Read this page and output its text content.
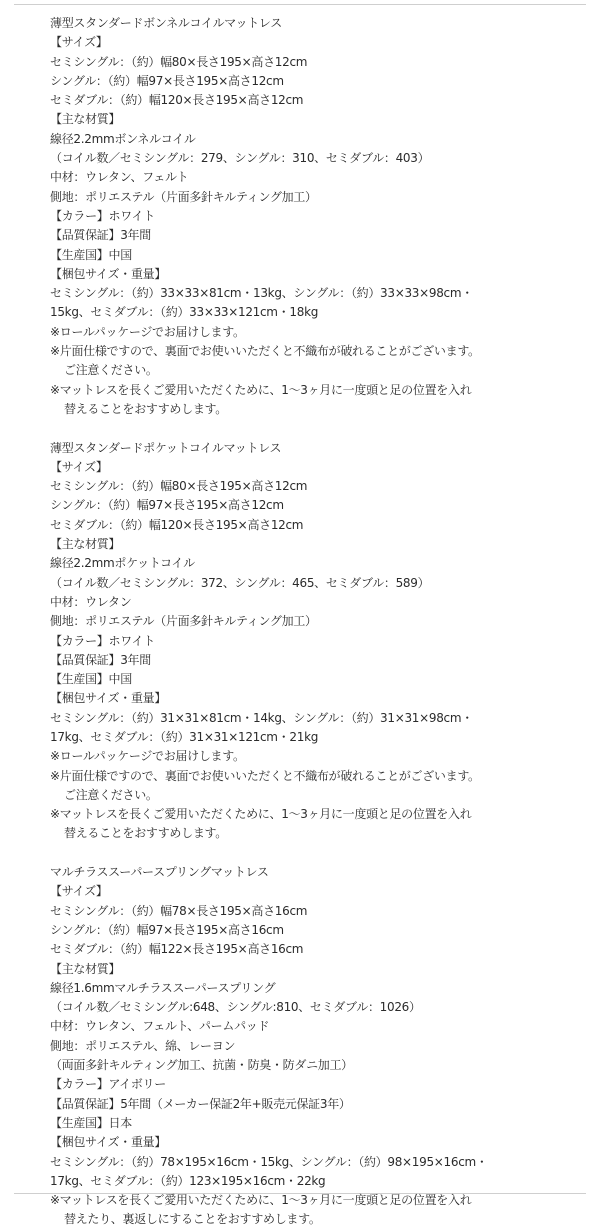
薄型スタンダードボンネルコイルマットレス
【サイズ】
セミシングル：（約）幅80×長さ195×高さ12cm
シングル：（約）幅97×長さ195×高さ12cm
セミダブル：（約）幅120×長さ195×高さ12cm
【主な材質】
線径2.2mmボンネルコイル
（コイル数／セミシングル：279、シングル：310、セミダブル：403）
中材：ウレタン、フェルト
側地：ポリエステル（片面多針キルティング加工）
【カラー】ホワイト
【品質保証】3年間
【生産国】中国
【梱包サイズ・重量】
セミシングル：（約）33×33×81cm・13kg、シングル：（約）33×33×98cm・
15kg、セミダブル：（約）33×33×121cm・18kg
※ロールパッケージでお届けします。
※片面仕様ですので、裏面でお使いいただくと不織布が破れることがございます。
ご注意ください。
※マットレスを長くご愛用いただくために、1〜3ヶ月に一度頭と足の位置を入れ
替えることをおすすめします。
薄型スタンダードポケットコイルマットレス
【サイズ】
セミシングル：（約）幅80×長さ195×高さ12cm
シングル：（約）幅97×長さ195×高さ12cm
セミダブル：（約）幅120×長さ195×高さ12cm
【主な材質】
線径2.2mmポケットコイル
（コイル数／セミシングル：372、シングル：465、セミダブル：589）
中材：ウレタン
側地：ポリエステル（片面多針キルティング加工）
【カラー】ホワイト
【品質保証】3年間
【生産国】中国
【梱包サイズ・重量】
セミシングル：（約）31×31×81cm・14kg、シングル：（約）31×31×98cm・
17kg、セミダブル：（約）31×31×121cm・21kg
※ロールパッケージでお届けします。
※片面仕様ですので、裏面でお使いいただくと不織布が破れることがございます。
ご注意ください。
※マットレスを長くご愛用いただくために、1〜3ヶ月に一度頭と足の位置を入れ
替えることをおすすめします。
マルチラススーパースプリングマットレス
【サイズ】
セミシングル：（約）幅78×長さ195×高さ16cm
シングル：（約）幅97×長さ195×高さ16cm
セミダブル：（約）幅122×長さ195×高さ16cm
【主な材質】
線径1.6mmマルチラススーパースプリング
（コイル数／セミシングル:648、シングル:810、セミダブル：1026）
中材：ウレタン、フェルト、パームパッド
側地：ポリエステル、綿、レーヨン
（両面多針キルティング加工、抗菌・防臭・防ダニ加工）
【カラー】アイボリー
【品質保証】5年間（メーカー保証2年+販売元保証3年）
【生産国】日本
【梱包サイズ・重量】
セミシングル：（約）78×195×16cm・15kg、シングル：（約）98×195×16cm・
17kg、セミダブル：（約）123×195×16cm・22kg
※マットレスを長くご愛用いただくために、1〜3ヶ月に一度頭と足の位置を入れ
替えたり、裏返しにすることをおすすめします。
